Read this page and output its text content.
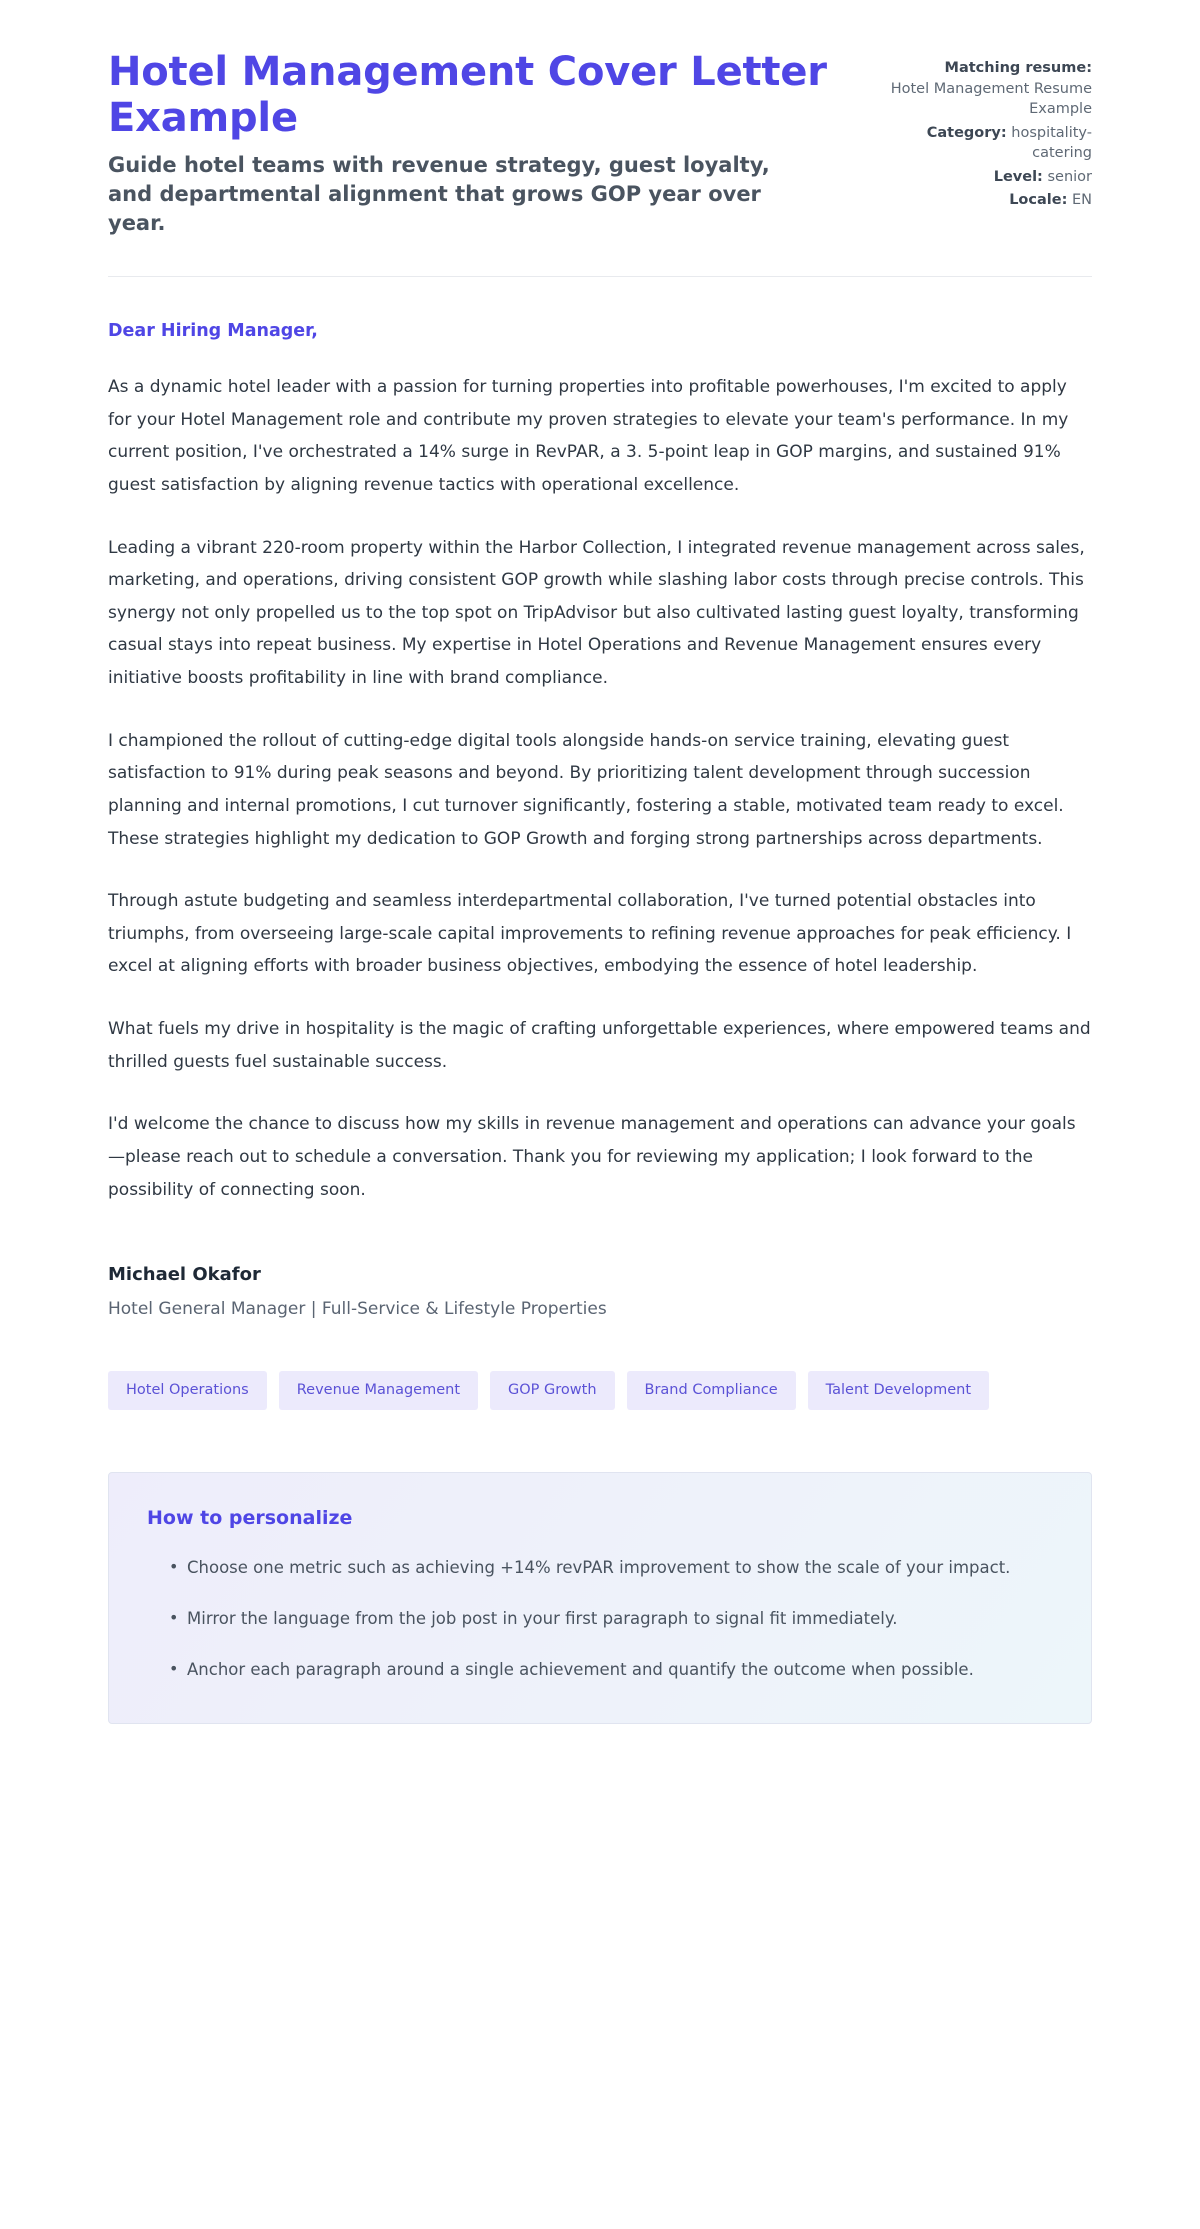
Hotel Management Cover Letter Example

Guide hotel teams with revenue strategy, guest loyalty, and departmental alignment that grows GOP year over year.

Matching resume:
Hotel Management Resume Example
Category: hospitality-catering
Level: senior
Locale: EN

Dear Hiring Manager,

As a dynamic hotel leader with a passion for turning properties into profitable powerhouses, I'm excited to apply for your Hotel Management role and contribute my proven strategies to elevate your team's performance. In my current position, I've orchestrated a 14% surge in RevPAR, a 3. 5-point leap in GOP margins, and sustained 91% guest satisfaction by aligning revenue tactics with operational excellence.

Leading a vibrant 220-room property within the Harbor Collection, I integrated revenue management across sales, marketing, and operations, driving consistent GOP growth while slashing labor costs through precise controls. This synergy not only propelled us to the top spot on TripAdvisor but also cultivated lasting guest loyalty, transforming casual stays into repeat business. My expertise in Hotel Operations and Revenue Management ensures every initiative boosts profitability in line with brand compliance.

I championed the rollout of cutting-edge digital tools alongside hands-on service training, elevating guest satisfaction to 91% during peak seasons and beyond. By prioritizing talent development through succession planning and internal promotions, I cut turnover significantly, fostering a stable, motivated team ready to excel. These strategies highlight my dedication to GOP Growth and forging strong partnerships across departments.

Through astute budgeting and seamless interdepartmental collaboration, I've turned potential obstacles into triumphs, from overseeing large-scale capital improvements to refining revenue approaches for peak efficiency. I excel at aligning efforts with broader business objectives, embodying the essence of hotel leadership.

What fuels my drive in hospitality is the magic of crafting unforgettable experiences, where empowered teams and thrilled guests fuel sustainable success.

I'd welcome the chance to discuss how my skills in revenue management and operations can advance your goals—please reach out to schedule a conversation. Thank you for reviewing my application; I look forward to the possibility of connecting soon.

Michael Okafor

Hotel General Manager | Full-Service & Lifestyle Properties

Hotel Operations	Revenue Management	GOP Growth	Brand Compliance	Talent Development
How to personalize
• Choose one metric such as achieving +14% revPAR improvement to show the scale of your impact.
• Mirror the language from the job post in your first paragraph to signal fit immediately.
• Anchor each paragraph around a single achievement and quantify the outcome when possible.
